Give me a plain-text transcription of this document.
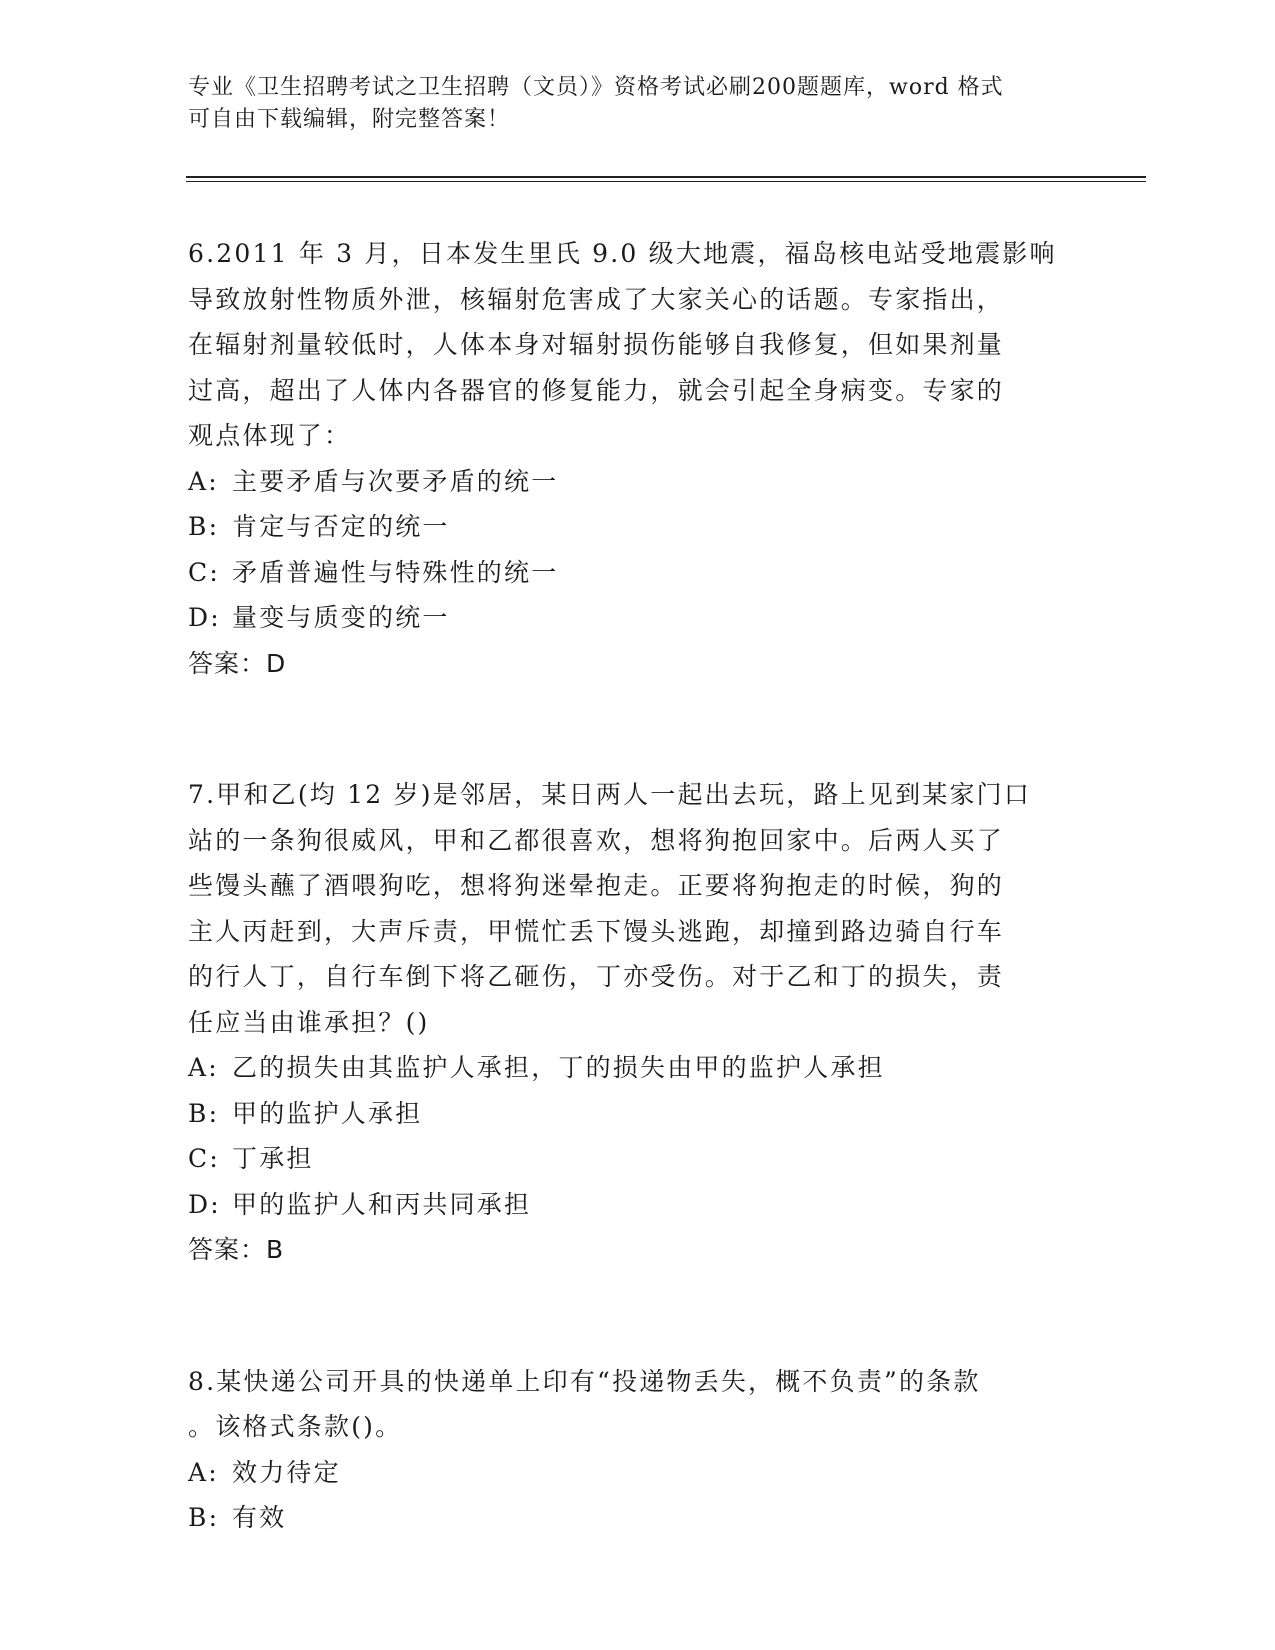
专业《卫生招聘考试之卫生招聘（文员）》资格考试必刷200题题库，word 格式
可自由下载编辑，附完整答案！
6.2011 年 3 月，日本发生里氏 9.0 级大地震，福岛核电站受地震影响
导致放射性物质外泄，核辐射危害成了大家关心的话题。专家指出，
在辐射剂量较低时，人体本身对辐射损伤能够自我修复，但如果剂量
过高，超出了人体内各器官的修复能力，就会引起全身病变。专家的
观点体现了：
A: 主要矛盾与次要矛盾的统一
B: 肯定与否定的统一
C: 矛盾普遍性与特殊性的统一
D: 量变与质变的统一
答案：D
7.甲和乙(均 12 岁)是邻居，某日两人一起出去玩，路上见到某家门口
站的一条狗很威风，甲和乙都很喜欢，想将狗抱回家中。后两人买了
些馒头蘸了酒喂狗吃，想将狗迷晕抱走。正要将狗抱走的时候，狗的
主人丙赶到，大声斥责，甲慌忙丢下馒头逃跑，却撞到路边骑自行车
的行人丁，自行车倒下将乙砸伤，丁亦受伤。对于乙和丁的损失，责
任应当由谁承担？()
A: 乙的损失由其监护人承担，丁的损失由甲的监护人承担
B: 甲的监护人承担
C: 丁承担
D: 甲的监护人和丙共同承担
答案：B
8.某快递公司开具的快递单上印有“投递物丢失，概不负责”的条款
。该格式条款()。
A: 效力待定
B: 有效
